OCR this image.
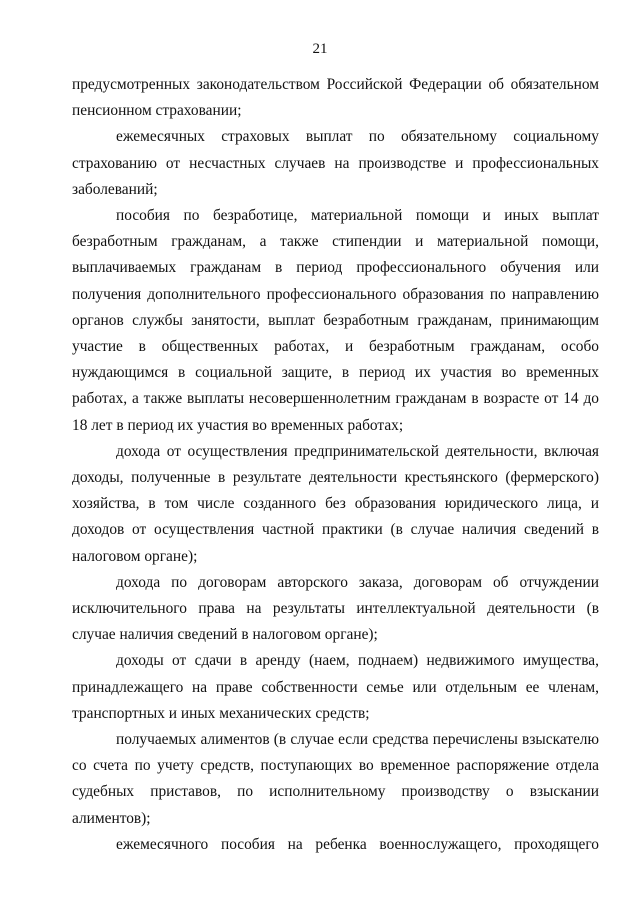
21

предусмотренных законодательством Российской Федерации об обязательном пенсионном страховании;

ежемесячных страховых выплат по обязательному социальному страхованию от несчастных случаев на производстве и профессиональных заболеваний;

пособия по безработице, материальной помощи и иных выплат безработным гражданам, а также стипендии и материальной помощи, выплачиваемых гражданам в период профессионального обучения или получения дополнительного профессионального образования по направлению органов службы занятости, выплат безработным гражданам, принимающим участие в общественных работах, и безработным гражданам, особо нуждающимся в социальной защите, в период их участия во временных работах, а также выплаты несовершеннолетним гражданам в возрасте от 14 до 18 лет в период их участия во временных работах;

дохода от осуществления предпринимательской деятельности, включая доходы, полученные в результате деятельности крестьянского (фермерского) хозяйства, в том числе созданного без образования юридического лица, и доходов от осуществления частной практики (в случае наличия сведений в налоговом органе);

дохода по договорам авторского заказа, договорам об отчуждении исключительного права на результаты интеллектуальной деятельности (в случае наличия сведений в налоговом органе);

доходы от сдачи в аренду (наем, поднаем) недвижимого имущества, принадлежащего на праве собственности семье или отдельным ее членам, транспортных и иных механических средств;

получаемых алиментов (в случае если средства перечислены взыскателю со счета по учету средств, поступающих во временное распоряжение отдела судебных приставов, по исполнительному производству о взыскании алиментов);

ежемесячного пособия на ребенка военнослужащего, проходящего
